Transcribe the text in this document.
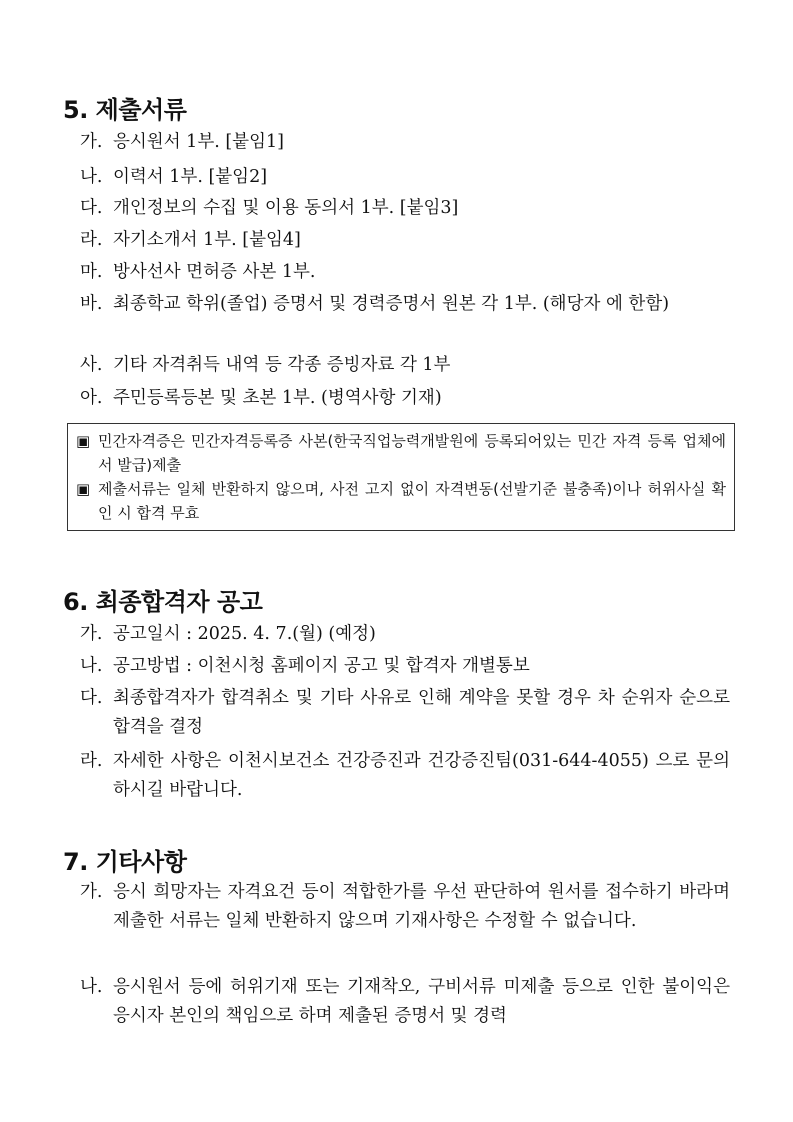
5. 제출서류
가. 응시원서 1부. [붙임1]
나. 이력서 1부. [붙임2]
다. 개인정보의 수집 및 이용 동의서 1부. [붙임3]
라. 자기소개서 1부. [붙임4]
마. 방사선사 면허증 사본 1부.
바. 최종학교 학위(졸업) 증명서 및 경력증명서 원본 각 1부. (해당자 에 한함)
사. 기타 자격취득 내역 등 각종 증빙자료 각 1부
아. 주민등록등본 및 초본 1부. (병역사항 기재)

▣ 민간자격증은 민간자격등록증 사본(한국직업능력개발원에 등록되어있는 민간 자격 등록 업체에서 발급)제출

▣ 제출서류는 일체 반환하지 않으며, 사전 고지 없이 자격변동(선발기준 불충족)이나 허위사실 확인 시 합격 무효

6. 최종합격자 공고
가. 공고일시 : 2025. 4. 7.(월) (예정)
나. 공고방법 : 이천시청 홈페이지 공고 및 합격자 개별통보
다. 최종합격자가 합격취소 및 기타 사유로 인해 계약을 못할 경우 차 순위자 순으로 합격을 결정
라. 자세한 사항은 이천시보건소 건강증진과 건강증진팀(031-644-4055) 으로 문의하시길 바랍니다.
7. 기타사항
가. 응시 희망자는 자격요건 등이 적합한가를 우선 판단하여 원서를 접수하기 바라며 제출한 서류는 일체 반환하지 않으며 기재사항은 수정할 수 없습니다.
나. 응시원서 등에 허위기재 또는 기재착오, 구비서류 미제출 등으로 인한 불이익은 응시자 본인의 책임으로 하며 제출된 증명서 및 경력
